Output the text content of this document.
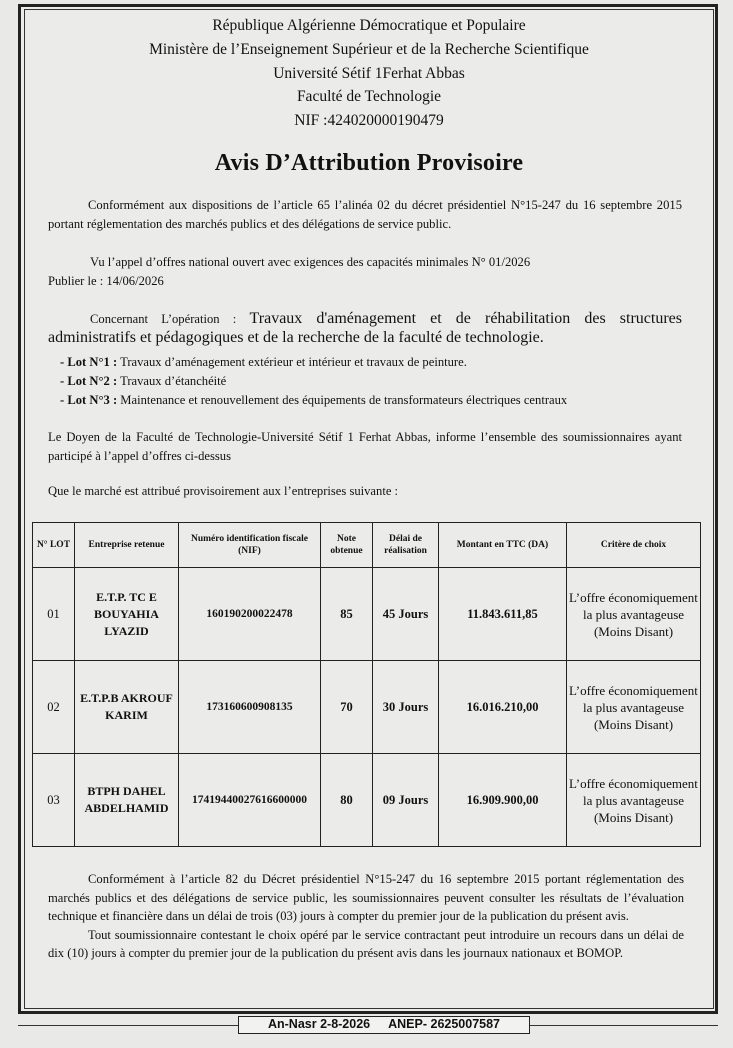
République Algérienne Démocratique et Populaire
Ministère de l’Enseignement Supérieur et de la Recherche Scientifique
Université Sétif 1Ferhat Abbas
Faculté de Technologie
NIF :424020000190479
Avis D’Attribution Provisoire
Conformément aux dispositions de l’article 65 l’alinéa 02 du décret présidentiel N°15-247 du 16 septembre 2015 portant réglementation des marchés publics et des délégations de service public.
Vu l’appel d’offres national ouvert avec exigences des capacités minimales N° 01/2026
Publier le : 14/06/2026
Concernant L’opération : Travaux d'aménagement et de réhabilitation des structures administratifs et pédagogiques et de la recherche de la faculté de technologie.
- Lot N°1 : Travaux d’aménagement extérieur et intérieur et travaux de peinture.
- Lot N°2 : Travaux d’étanchéité
- Lot N°3 : Maintenance et renouvellement des équipements de transformateurs électriques centraux
Le Doyen de la Faculté de Technologie-Université Sétif 1 Ferhat Abbas, informe l’ensemble des soumissionnaires ayant participé à l’appel d’offres ci-dessus
Que le marché est attribué provisoirement aux l’entreprises suivante :
N° LOT	Entreprise retenue	Numéro identification fiscale (NIF)	Note obtenue	Délai de réalisation	Montant en TTC (DA)	Critère de choix
01	E.T.P. TC E BOUYAHIA LYAZID	160190200022478	85	45 Jours	11.843.611,85	L’offre économiquement la plus avantageuse (Moins Disant)
02	E.T.P.B AKROUF KARIM	173160600908135	70	30 Jours	16.016.210,00	L’offre économiquement la plus avantageuse (Moins Disant)
03	BTPH DAHEL ABDELHAMID	17419440027616600000	80	09 Jours	16.909.900,00	L’offre économiquement la plus avantageuse (Moins Disant)
Conformément à l’article 82 du Décret présidentiel N°15-247 du 16 septembre 2015 portant réglementation des marchés publics et des délégations de service public, les soumissionnaires peuvent consulter les résultats de l’évaluation technique et financière dans un délai de trois (03) jours à compter du premier jour de la publication du présent avis.
Tout soumissionnaire contestant le choix opéré par le service contractant peut introduire un recours dans un délai de dix (10) jours à compter du premier jour de la publication du présent avis dans les journaux nationaux et BOMOP.
An-Nasr 2-8-2026 ANEP- 2625007587
